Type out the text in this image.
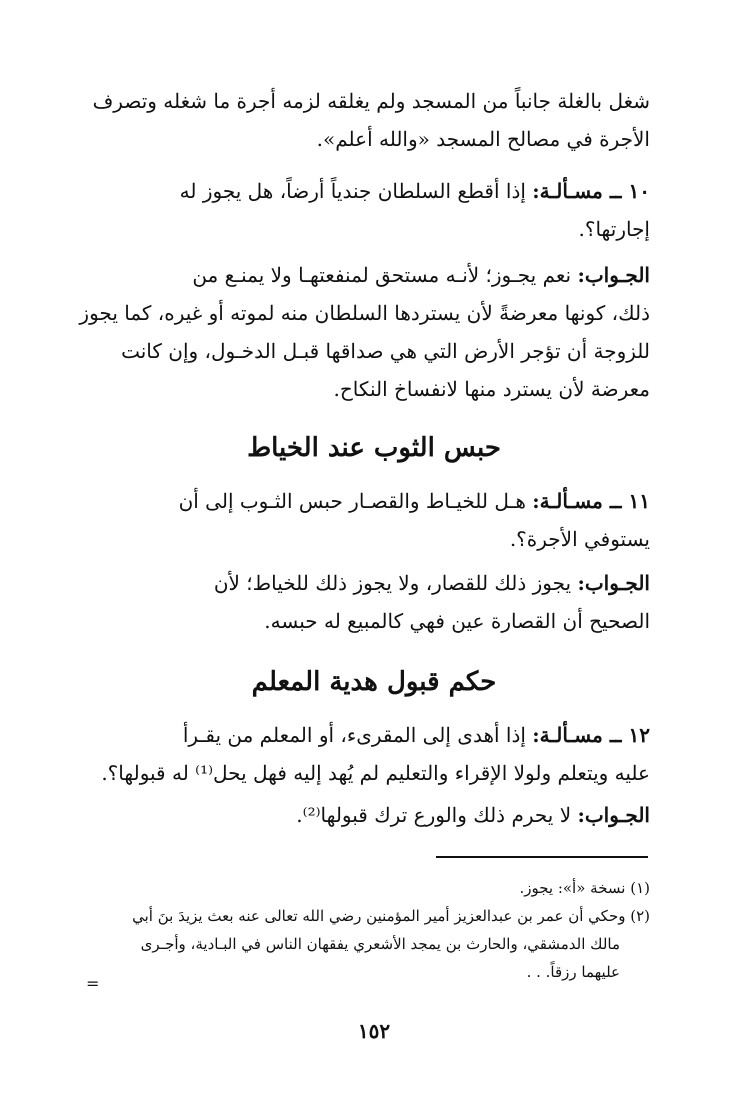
شغل بالغلة جانباً من المسجد ولم يغلقه لزمه أجرة ما شغله وتصرف
الأجرة في مصالح المسجد «والله أعلم».
١٠ ــ مسـألـة: إذا أقطع السلطان جندياً أرضاً، هل يجوز له
إجارتها؟.
الجـواب: نعم يجـوز؛ لأنـه مستحق لمنفعتهـا ولا يمنـع من
ذلك، كونها معرضةً لأن يستردها السلطان منه لموته أو غيره، كما يجوز
للزوجة أن تؤجر الأرض التي هي صداقها قبـل الدخـول، وإن كانت
معرضة لأن يسترد منها لانفساخ النكاح.
حبس الثوب عند الخياط
١١ ــ مسـألـة: هـل للخيـاط والقصـار حبس الثـوب إلى أن
يستوفي الأجرة؟.
الجـواب: يجوز ذلك للقصار، ولا يجوز ذلك للخياط؛ لأن
الصحيح أن القصارة عين فهي كالمبيع له حبسه.
حكم قبول هدية المعلم
١٢ ــ مسـألـة: إذا أهدى إلى المقرىء، أو المعلم من يقـرأ
عليه ويتعلم ولولا الإقراء والتعليم لم يُهد إليه فهل يحل⁽¹⁾ له قبولها؟.
الجـواب: لا يحرم ذلك والورع ترك قبولها⁽²⁾.
(١) نسخة «أ»: يجوز.
(٢) وحكي أن عمر بن عبدالعزيز أمير المؤمنين رضي الله تعالى عنه بعث يزيدَ بنَ أبي
مالك الدمشقي، والحارث بن يمجد الأشعري يفقهان الناس في البـادية، وأجـرى
عليهما رزقاً. . .
=
١٥٢
